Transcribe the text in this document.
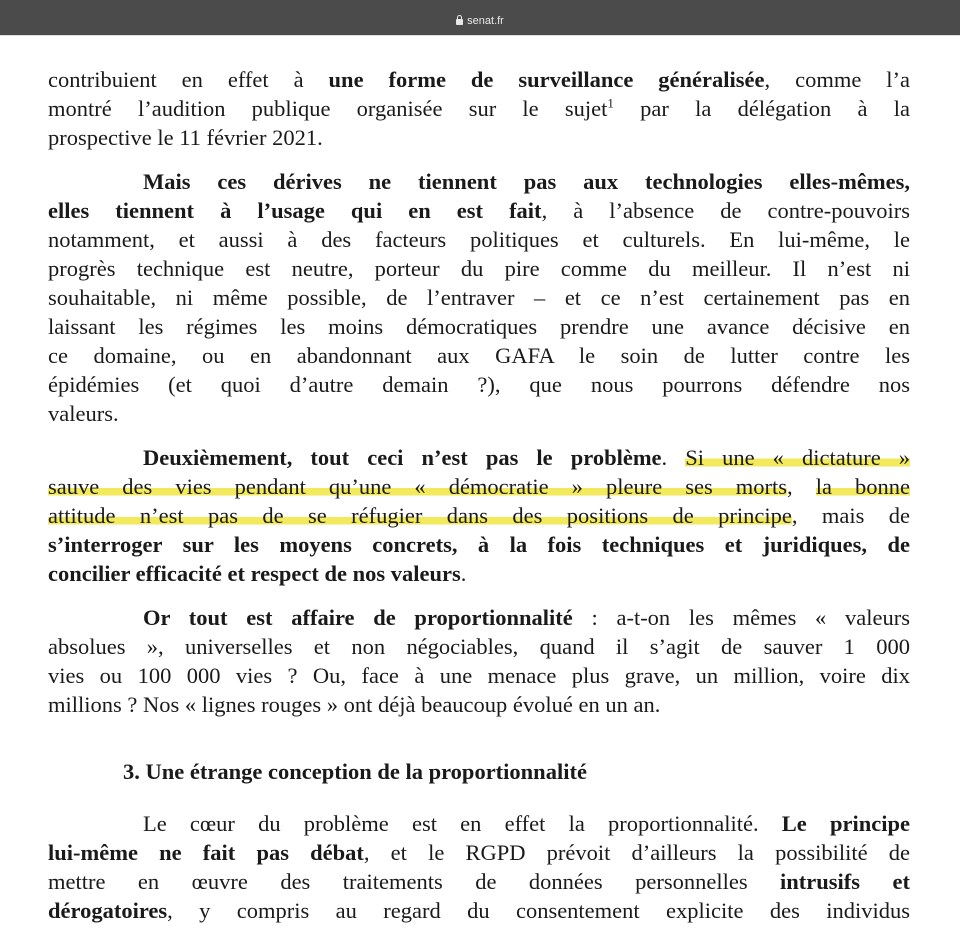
senat.fr
contribuient en effet à une forme de surveillance généralisée, comme l’a
montré l’audition publique organisée sur le sujet$^1$ par la délégation à la
prospective le 11 février 2021.
Mais ces dérives ne tiennent pas aux technologies elles-mêmes,
elles tiennent à l’usage qui en est fait, à l’absence de contre-pouvoirs
notamment, et aussi à des facteurs politiques et culturels. En lui-même, le
progrès technique est neutre, porteur du pire comme du meilleur. Il n’est ni
souhaitable, ni même possible, de l’entraver – et ce n’est certainement pas en
laissant les régimes les moins démocratiques prendre une avance décisive en
ce domaine, ou en abandonnant aux GAFA le soin de lutter contre les
épidémies (et quoi d’autre demain ?), que nous pourrons défendre nos
valeurs.
Deuxièmement, tout ceci n’est pas le problème. Si une « dictature »
sauve des vies pendant qu’une « démocratie » pleure ses morts, la bonne
attitude n’est pas de se réfugier dans des positions de principe, mais de
s’interroger sur les moyens concrets, à la fois techniques et juridiques, de
concilier efficacité et respect de nos valeurs.
Or tout est affaire de proportionnalité : a-t-on les mêmes « valeurs
absolues », universelles et non négociables, quand il s’agit de sauver 1 000
vies ou 100 000 vies ? Ou, face à une menace plus grave, un million, voire dix
millions ? Nos « lignes rouges » ont déjà beaucoup évolué en un an.
3. Une étrange conception de la proportionnalité
Le cœur du problème est en effet la proportionnalité. Le principe
lui-même ne fait pas débat, et le RGPD prévoit d’ailleurs la possibilité de
mettre en œuvre des traitements de données personnelles intrusifs et
dérogatoires, y compris au regard du consentement explicite des individus
